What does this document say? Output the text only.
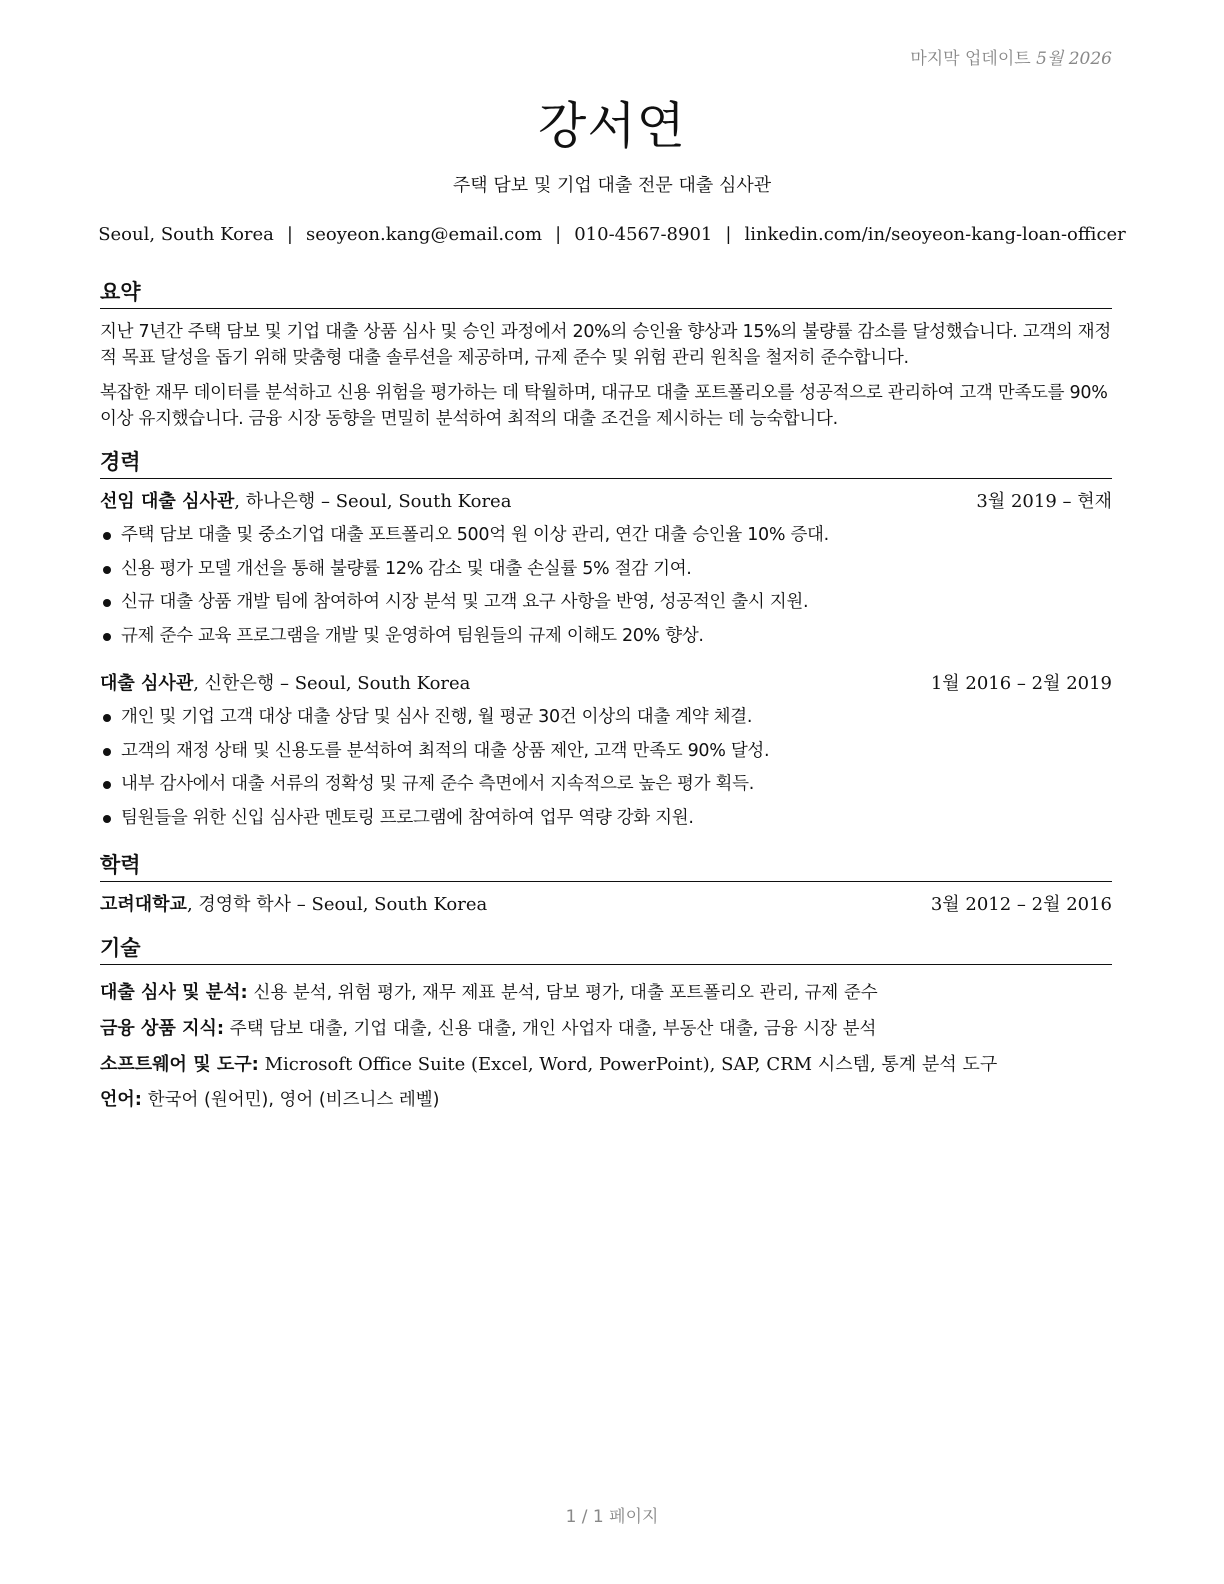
마지막 업데이트 5월 2026
강서연
주택 담보 및 기업 대출 전문 대출 심사관
Seoul, South Korea | seoyeon.kang@email.com | 010-4567-8901 | linkedin.com/in/seoyeon-kang-loan-officer
요약

지난 7년간 주택 담보 및 기업 대출 상품 심사 및 승인 과정에서 20%의 승인율 향상과 15%의 불량률 감소를 달성했습니다. 고객의 재정적 목표 달성을 돕기 위해 맞춤형 대출 솔루션을 제공하며, 규제 준수 및 위험 관리 원칙을 철저히 준수합니다.

복잡한 재무 데이터를 분석하고 신용 위험을 평가하는 데 탁월하며, 대규모 대출 포트폴리오를 성공적으로 관리하여 고객 만족도를 90% 이상 유지했습니다. 금융 시장 동향을 면밀히 분석하여 최적의 대출 조건을 제시하는 데 능숙합니다.

경력
선임 대출 심사관, 하나은행 – Seoul, South Korea	3월 2019 – 현재
주택 담보 대출 및 중소기업 대출 포트폴리오 500억 원 이상 관리, 연간 대출 승인율 10% 증대.
신용 평가 모델 개선을 통해 불량률 12% 감소 및 대출 손실률 5% 절감 기여.
신규 대출 상품 개발 팀에 참여하여 시장 분석 및 고객 요구 사항을 반영, 성공적인 출시 지원.
규제 준수 교육 프로그램을 개발 및 운영하여 팀원들의 규제 이해도 20% 향상.
대출 심사관, 신한은행 – Seoul, South Korea	1월 2016 – 2월 2019
개인 및 기업 고객 대상 대출 상담 및 심사 진행, 월 평균 30건 이상의 대출 계약 체결.
고객의 재정 상태 및 신용도를 분석하여 최적의 대출 상품 제안, 고객 만족도 90% 달성.
내부 감사에서 대출 서류의 정확성 및 규제 준수 측면에서 지속적으로 높은 평가 획득.
팀원들을 위한 신입 심사관 멘토링 프로그램에 참여하여 업무 역량 강화 지원.
학력
고려대학교, 경영학 학사 – Seoul, South Korea	3월 2012 – 2월 2016
기술
대출 심사 및 분석: 신용 분석, 위험 평가, 재무 제표 분석, 담보 평가, 대출 포트폴리오 관리, 규제 준수
금융 상품 지식: 주택 담보 대출, 기업 대출, 신용 대출, 개인 사업자 대출, 부동산 대출, 금융 시장 분석
소프트웨어 및 도구: Microsoft Office Suite (Excel, Word, PowerPoint), SAP, CRM 시스템, 통계 분석 도구
언어: 한국어 (원어민), 영어 (비즈니스 레벨)
1 / 1 페이지
